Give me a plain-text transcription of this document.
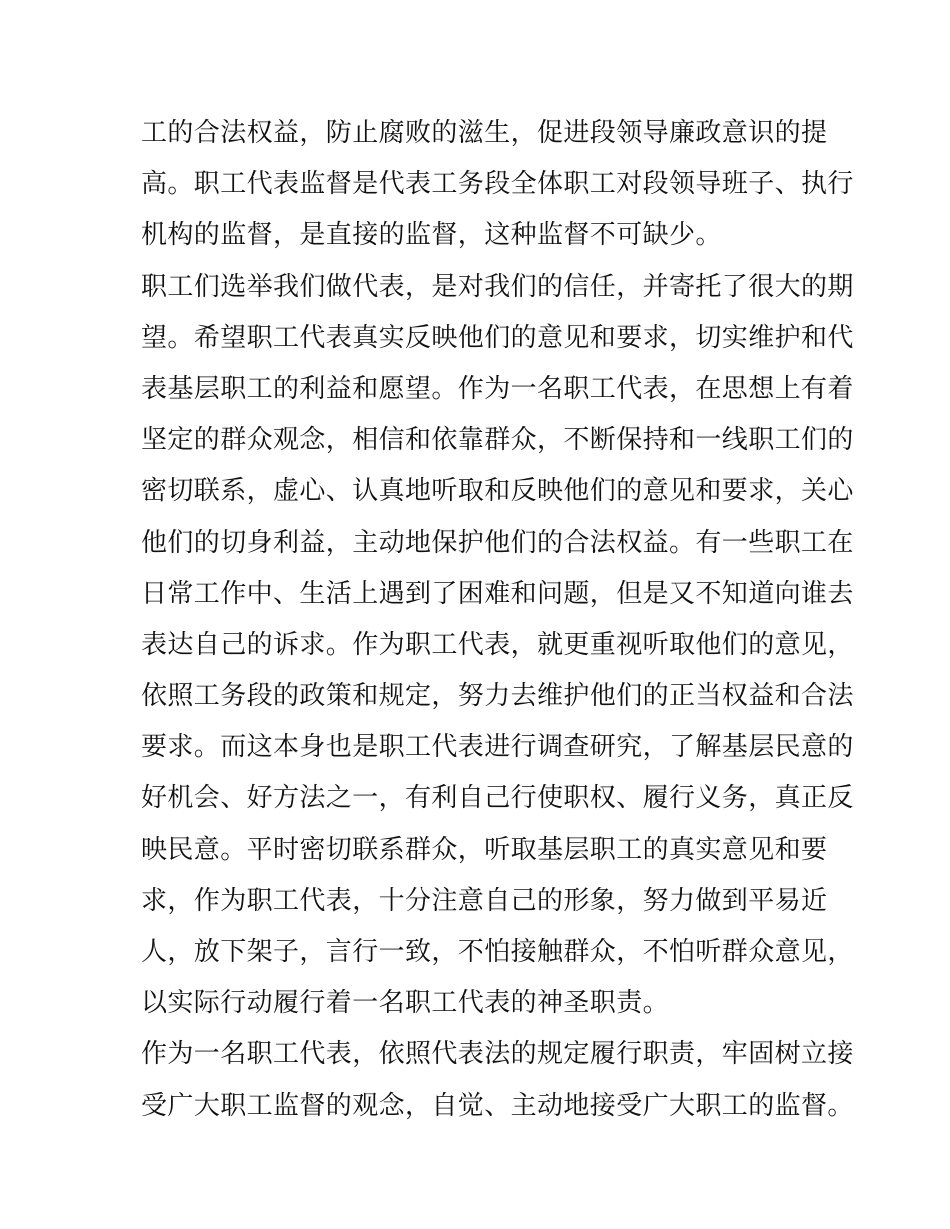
工的合法权益，防止腐败的滋生，促进段领导廉政意识的提
高。职工代表监督是代表工务段全体职工对段领导班子、执行
机构的监督，是直接的监督，这种监督不可缺少。
职工们选举我们做代表，是对我们的信任，并寄托了很大的期
望。希望职工代表真实反映他们的意见和要求，切实维护和代
表基层职工的利益和愿望。作为一名职工代表，在思想上有着
坚定的群众观念，相信和依靠群众，不断保持和一线职工们的
密切联系，虚心、认真地听取和反映他们的意见和要求，关心
他们的切身利益，主动地保护他们的合法权益。有一些职工在
日常工作中、生活上遇到了困难和问题，但是又不知道向谁去
表达自己的诉求。作为职工代表，就更重视听取他们的意见，
依照工务段的政策和规定，努力去维护他们的正当权益和合法
要求。而这本身也是职工代表进行调查研究，了解基层民意的
好机会、好方法之一，有利自己行使职权、履行义务，真正反
映民意。平时密切联系群众，听取基层职工的真实意见和要
求，作为职工代表，十分注意自己的形象，努力做到平易近
人，放下架子，言行一致，不怕接触群众，不怕听群众意见，
以实际行动履行着一名职工代表的神圣职责。
作为一名职工代表，依照代表法的规定履行职责，牢固树立接
受广大职工监督的观念，自觉、主动地接受广大职工的监督。
